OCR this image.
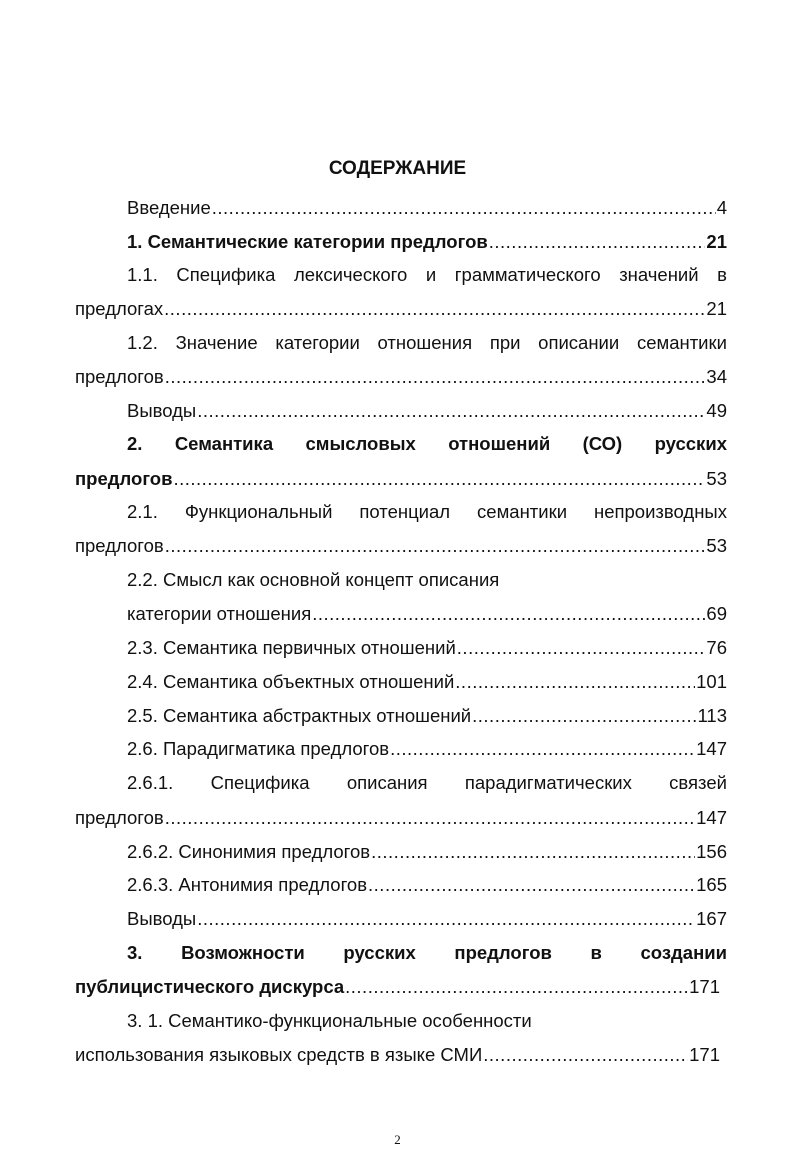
СОДЕРЖАНИЕ
Введение .....	4
1. Семантические категории предлогов .....	21
1.1. Специфика лексического и грамматического значений в
предлогах .....	21
1.2. Значение категории отношения при описании семантики
предлогов .....	34
Выводы .....	49
2. Семантика смысловых отношений (СО) русских
предлогов .....	53
2.1. Функциональный потенциал семантики непроизводных
предлогов .....	53
2.2. Смысл как основной концепт описания
категории отношения .....	69
2.3. Семантика первичных отношений .....	76
2.4. Семантика объектных отношений .....	101
2.5. Семантика абстрактных отношений .....	113
2.6. Парадигматика предлогов .....	147
2.6.1. Специфика описания парадигматических связей
предлогов .....	147
2.6.2. Синонимия предлогов .....	156
2.6.3. Антонимия предлогов .....	165
Выводы .....	167
3. Возможности русских предлогов в создании
публицистического дискурса .....	171
3. 1. Семантико-функциональные особенности
использования языковых средств в языке СМИ .....	171
2
